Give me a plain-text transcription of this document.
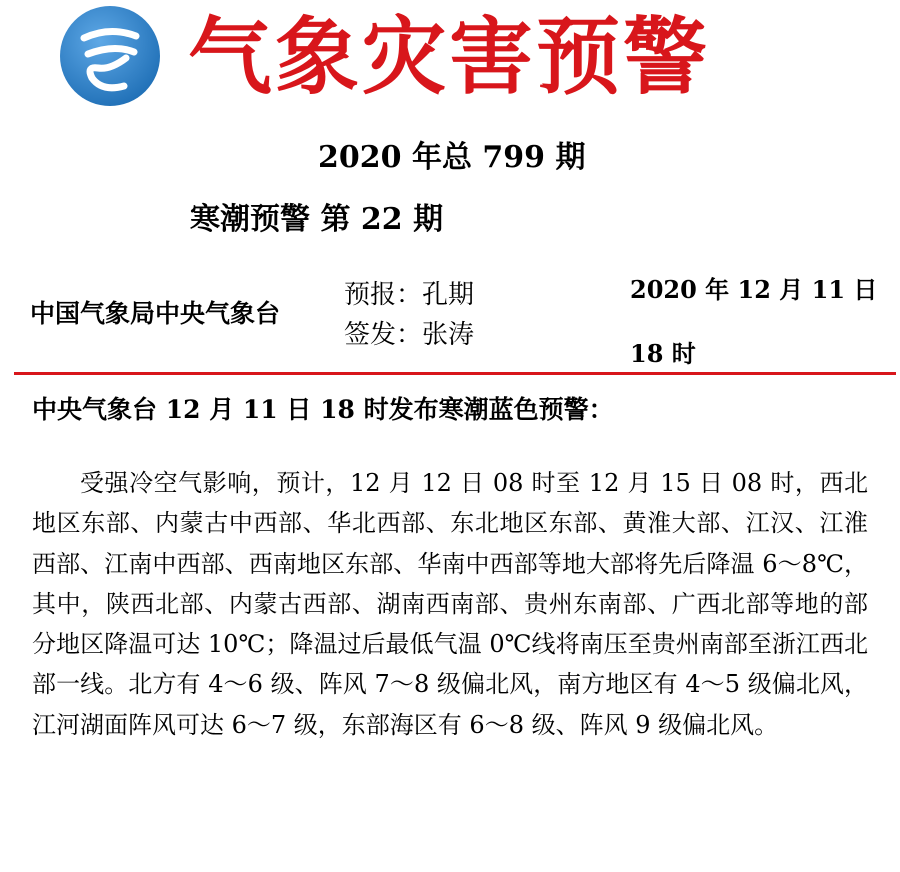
气象灾害预警
2020 年总 799 期
寒潮预警 第 22 期
中国气象局中央气象台
预报：孔期
签发：张涛
2020 年 12 月 11 日 18 时
中央气象台 12 月 11 日 18 时发布寒潮蓝色预警：

受强冷空气影响，预计，12 月 12 日 08 时至 12 月 15 日 08 时，西北地区东部、内蒙古中西部、华北西部、东北地区东部、黄淮大部、江汉、江淮西部、江南中西部、西南地区东部、华南中西部等地大部将先后降温 6～8℃，其中，陕西北部、内蒙古西部、湖南西南部、贵州东南部、广西北部等地的部分地区降温可达 10℃；降温过后最低气温 0℃线将南压至贵州南部至浙江西北部一线。北方有 4～6 级、阵风 7～8 级偏北风，南方地区有 4～5 级偏北风，江河湖面阵风可达 6～7 级，东部海区有 6～8 级、阵风 9 级偏北风。
